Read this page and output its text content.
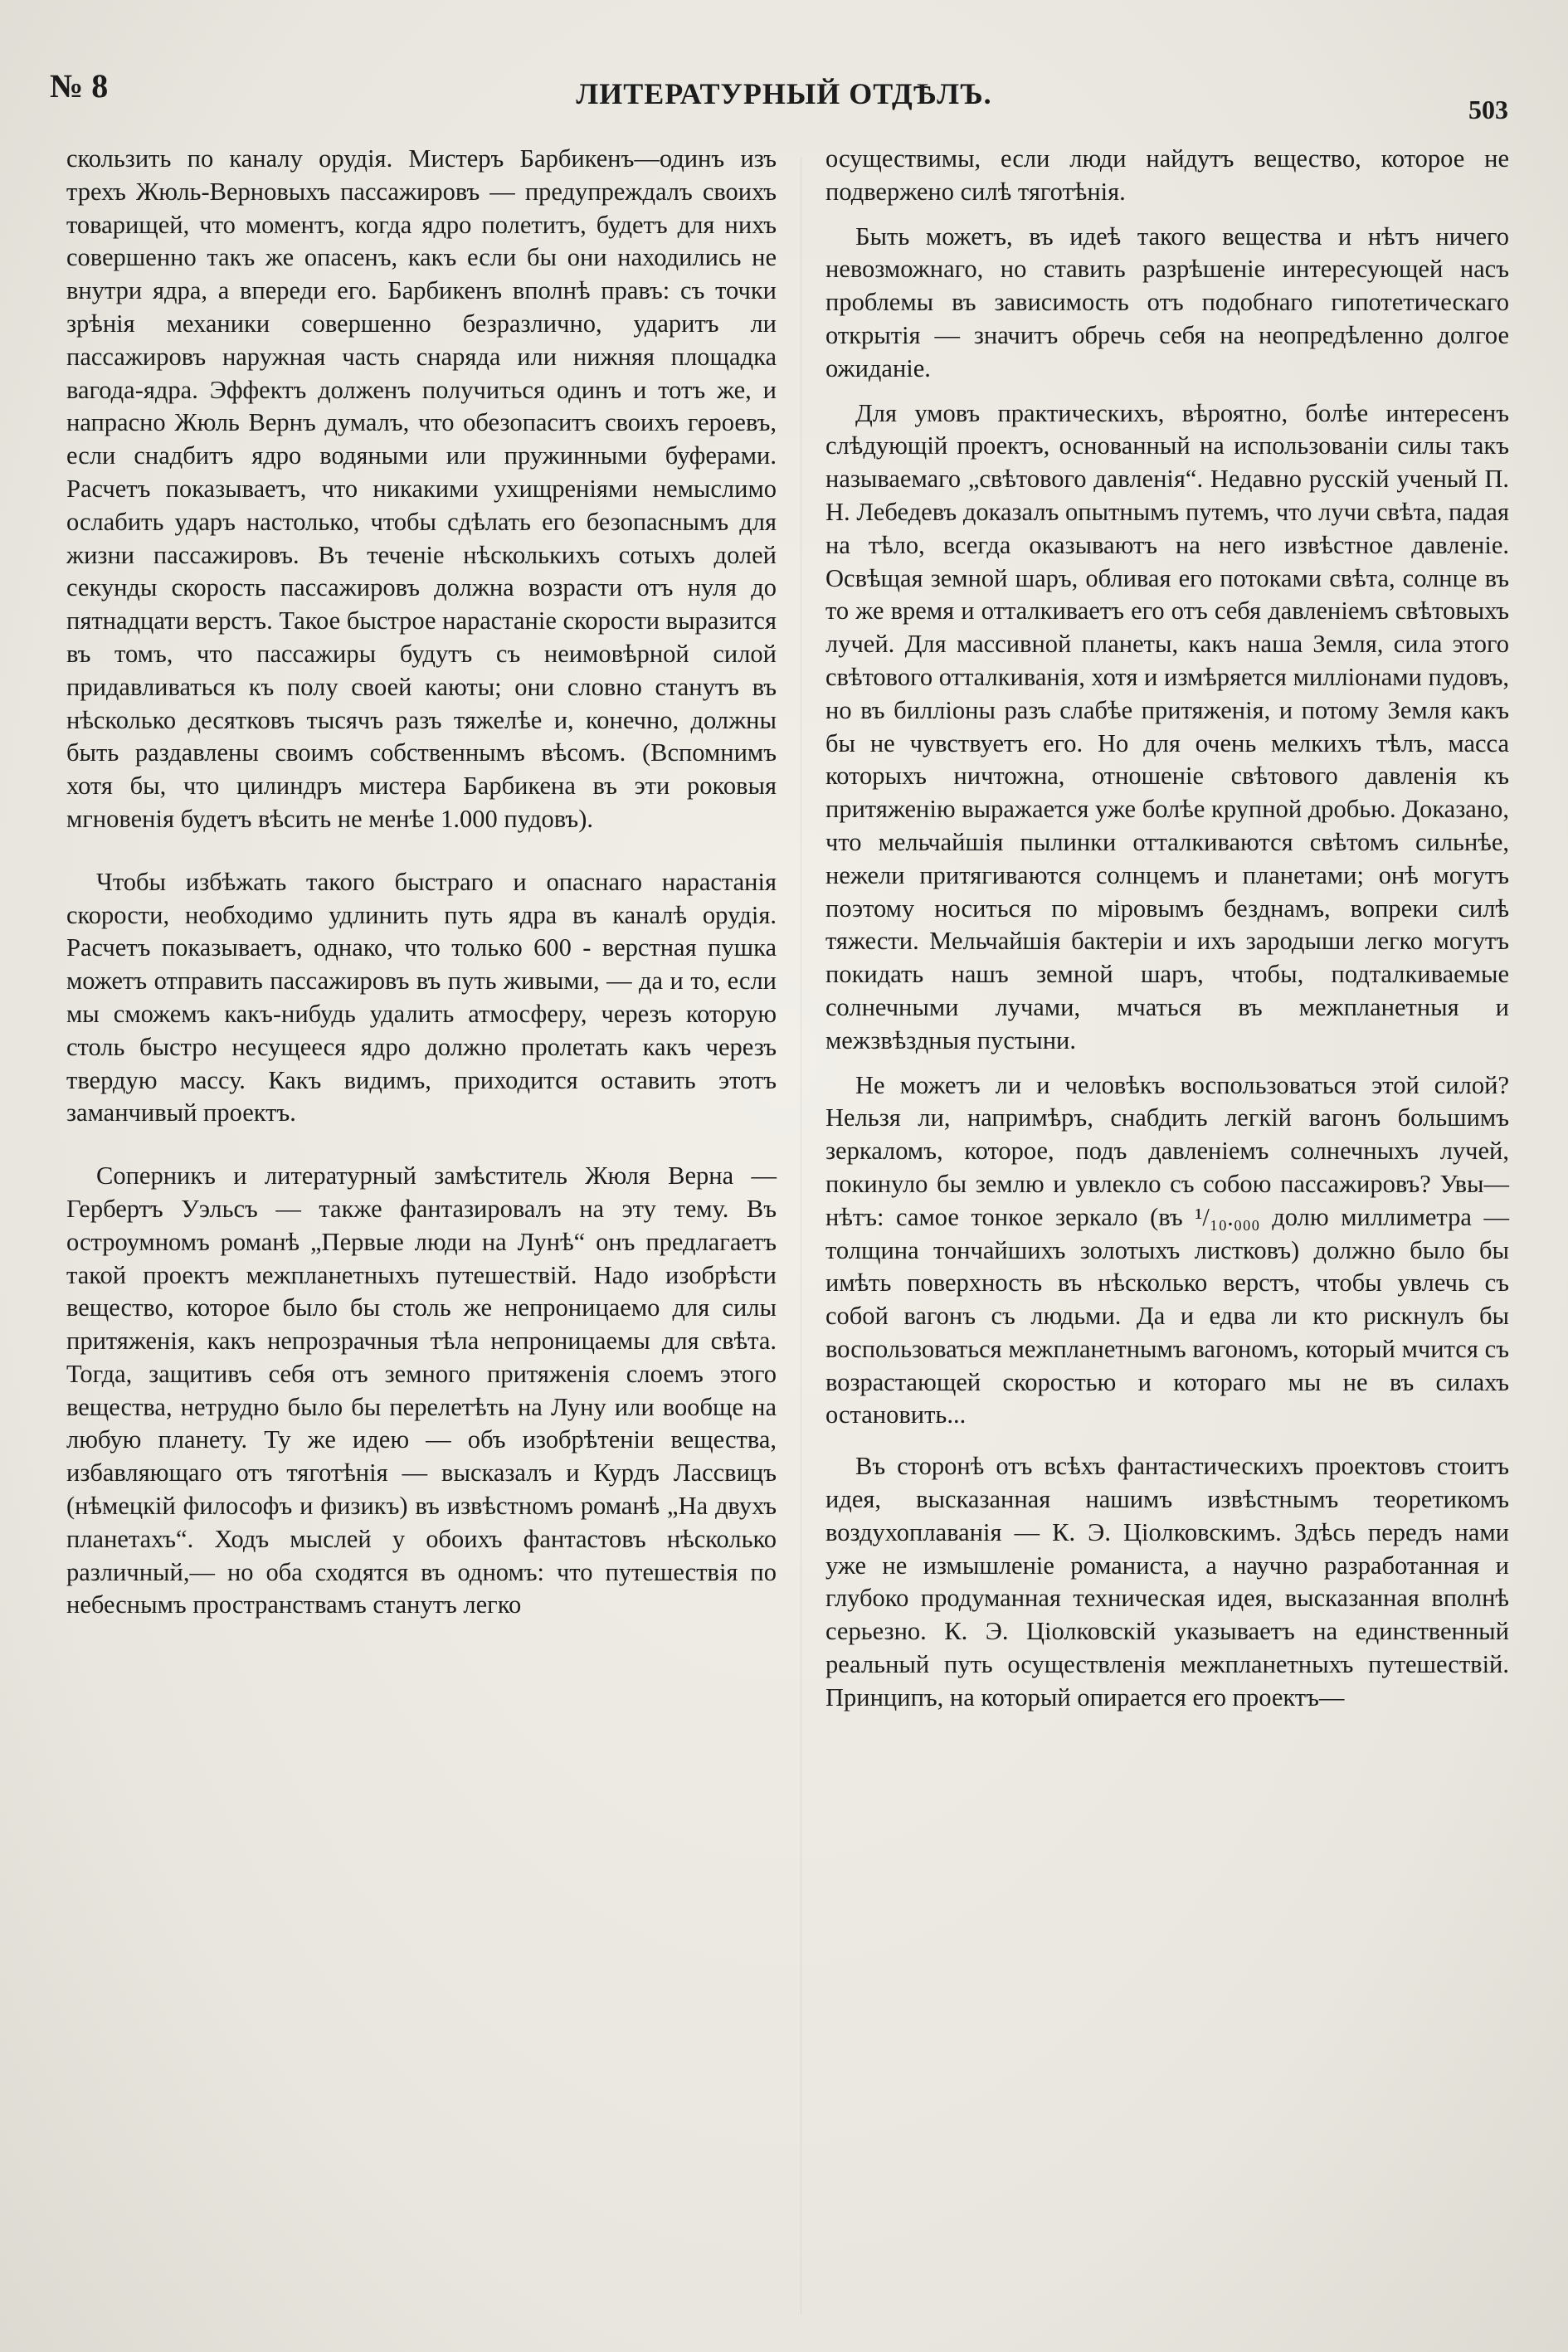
№ 8	ЛИТЕРАТУРНЫЙ ОТДѢЛЪ.	503

скользить по каналу орудія. Мистеръ Барбикенъ—одинъ изъ трехъ Жюль-Верновыхъ пассажировъ — предупреждалъ своихъ товарищей, что моментъ, когда ядро полетитъ, будетъ для нихъ совершенно такъ же опасенъ, какъ если бы они находились не внутри ядра, а впереди его. Барбикенъ вполнѣ правъ: съ точки зрѣнія механики совершенно безразлично, ударитъ ли пассажировъ наружная часть снаряда или нижняя площадка вагода-ядра. Эффектъ долженъ получиться одинъ и тотъ же, и напрасно Жюль Вернъ думалъ, что обезопаситъ своихъ героевъ, если снадбитъ ядро водяными или пружинными буферами. Расчетъ показываетъ, что никакими ухищреніями немыслимо ослабить ударъ настолько, чтобы сдѣлать его безопаснымъ для жизни пассажировъ. Въ теченіе нѣсколькихъ сотыхъ долей секунды скорость пассажировъ должна возрасти отъ нуля до пятнадцати верстъ. Такое быстрое нарастаніе скорости выразится въ томъ, что пассажиры будутъ съ неимовѣрной силой придавливаться къ полу своей каюты; они словно станутъ въ нѣсколько десятковъ тысячъ разъ тяжелѣе и, конечно, должны быть раздавлены своимъ собственнымъ вѣсомъ. (Вспомнимъ хотя бы, что цилиндръ мистера Барбикена въ эти роковыя мгновенія будетъ вѣсить не менѣе 1.000 пудовъ).

Чтобы избѣжать такого быстраго и опаснаго нарастанія скорости, необходимо удлинить путь ядра въ каналѣ орудія. Расчетъ показываетъ, однако, что только 600 - верстная пушка можетъ отправить пассажировъ въ путь живыми, — да и то, если мы сможемъ какъ-нибудь удалить атмосферу, черезъ которую столь быстро несущееся ядро должно пролетать какъ черезъ твердую массу. Какъ видимъ, приходится оставить этотъ заманчивый проектъ.

Соперникъ и литературный замѣститель Жюля Верна — Гербертъ Уэльсъ — также фантазировалъ на эту тему. Въ остроумномъ романѣ „Первые люди на Лунѣ“ онъ предлагаетъ такой проектъ межпланетныхъ путешествій. Надо изобрѣсти вещество, которое было бы столь же непроницаемо для силы притяженія, какъ непрозрачныя тѣла непроницаемы для свѣта. Тогда, защитивъ себя отъ земного притяженія слоемъ этого вещества, нетрудно было бы перелетѣть на Луну или вообще на любую планету. Ту же идею — объ изобрѣтеніи вещества, избавляющаго отъ тяготѣнія — высказалъ и Курдъ Лассвицъ (нѣмецкій философъ и физикъ) въ извѣстномъ романѣ „На двухъ планетахъ“. Ходъ мыслей у обоихъ фантастовъ нѣсколько различный,— но оба сходятся въ одномъ: что путешествія по небеснымъ пространствамъ станутъ легко

осуществимы, если люди найдутъ вещество, которое не подвержено силѣ тяготѣнія.

Быть можетъ, въ идеѣ такого вещества и нѣтъ ничего невозможнаго, но ставить разрѣшеніе интересующей насъ проблемы въ зависимость отъ подобнаго гипотетическаго открытія — значитъ обречь себя на неопредѣленно долгое ожиданіе.

Для умовъ практическихъ, вѣроятно, болѣе интересенъ слѣдующій проектъ, основанный на использованіи силы такъ называемаго „свѣтового давленія“. Недавно русскій ученый П. Н. Лебедевъ доказалъ опытнымъ путемъ, что лучи свѣта, падая на тѣло, всегда оказываютъ на него извѣстное давленіе. Освѣщая земной шаръ, обливая его потоками свѣта, солнце въ то же время и отталкиваетъ его отъ себя давленіемъ свѣтовыхъ лучей. Для массивной планеты, какъ наша Земля, сила этого свѣтового отталкиванія, хотя и измѣряется милліонами пудовъ, но въ билліоны разъ слабѣе притяженія, и потому Земля какъ бы не чувствуетъ его. Но для очень мелкихъ тѣлъ, масса которыхъ ничтожна, отношеніе свѣтового давленія къ притяженію выражается уже болѣе крупной дробью. Доказано, что мельчайшія пылинки отталкиваются свѣтомъ сильнѣе, нежели притягиваются солнцемъ и планетами; онѣ могутъ поэтому носиться по міровымъ безднамъ, вопреки силѣ тяжести. Мельчайшія бактеріи и ихъ зародыши легко могутъ покидать нашъ земной шаръ, чтобы, подталкиваемые солнечными лучами, мчаться въ межпланетныя и межзвѣздныя пустыни.

Не можетъ ли и человѣкъ воспользоваться этой силой? Нельзя ли, напримѣръ, снабдить легкій вагонъ большимъ зеркаломъ, которое, подъ давленіемъ солнечныхъ лучей, покинуло бы землю и увлекло съ собою пассажировъ? Увы—нѣтъ: самое тонкое зеркало (въ ¹/₁₀.₀₀₀ долю миллиметра — толщина тончайшихъ золотыхъ листковъ) должно было бы имѣть поверхность въ нѣсколько верстъ, чтобы увлечь съ собой вагонъ съ людьми. Да и едва ли кто рискнулъ бы воспользоваться межпланетнымъ вагономъ, который мчится съ возрастающей скоростью и котораго мы не въ силахъ остановить...

Въ сторонѣ отъ всѣхъ фантастическихъ проектовъ стоитъ идея, высказанная нашимъ извѣстнымъ теоретикомъ воздухоплаванія — К. Э. Ціолковскимъ. Здѣсь передъ нами уже не измышленіе романиста, а научно разработанная и глубоко продуманная техническая идея, высказанная вполнѣ серьезно. К. Э. Ціолковскій указываетъ на единственный реальный путь осуществленія межпланетныхъ путешествій. Принципъ, на который опирается его проектъ—
